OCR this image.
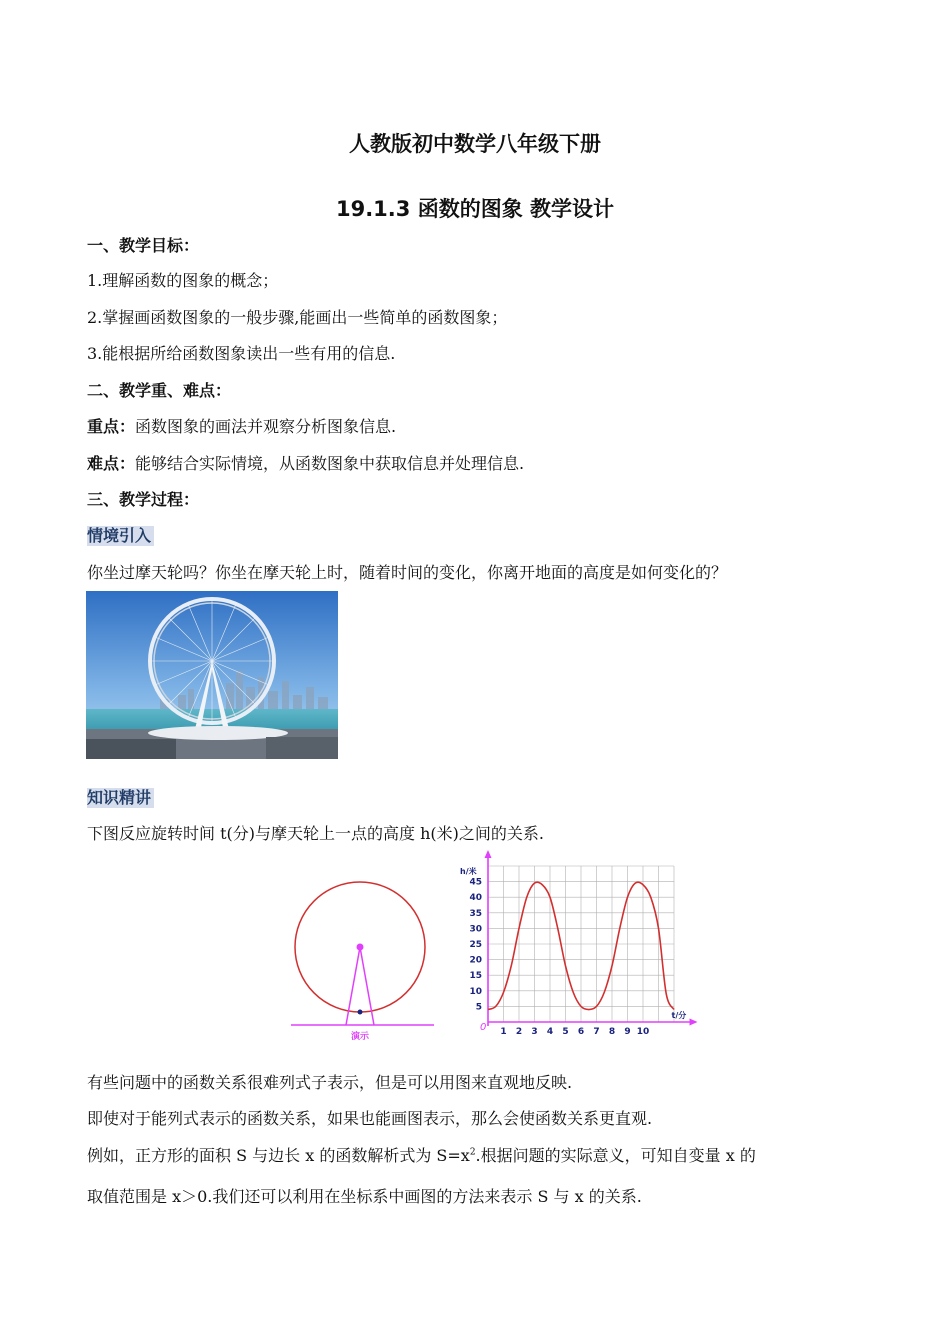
人教版初中数学八年级下册
19.1.3 函数的图象 教学设计
一、教学目标：
1.理解函数的图象的概念；
2.掌握画函数图象的一般步骤,能画出一些简单的函数图象；
3.能根据所给函数图象读出一些有用的信息.
二、教学重、难点：
重点：函数图象的画法并观察分析图象信息.
难点：能够结合实际情境，从函数图象中获取信息并处理信息.
三、教学过程：
情境引入
你坐过摩天轮吗？你坐在摩天轮上时，随着时间的变化，你离开地面的高度是如何变化的？
知识精讲
下图反应旋转时间 t(分)与摩天轮上一点的高度 h(米)之间的关系.
演示	1 2 3 4 5 6 7 8 9 10
5
10
15
20
25
30
35
40
45
0
t/分
h/米
有些问题中的函数关系很难列式子表示，但是可以用图来直观地反映.
即使对于能列式表示的函数关系，如果也能画图表示，那么会使函数关系更直观.
例如，正方形的面积 S 与边长 x 的函数解析式为 $S=x^2$.根据问题的实际意义，可知自变量 x 的
取值范围是 x＞0.我们还可以利用在坐标系中画图的方法来表示 S 与 x 的关系.
